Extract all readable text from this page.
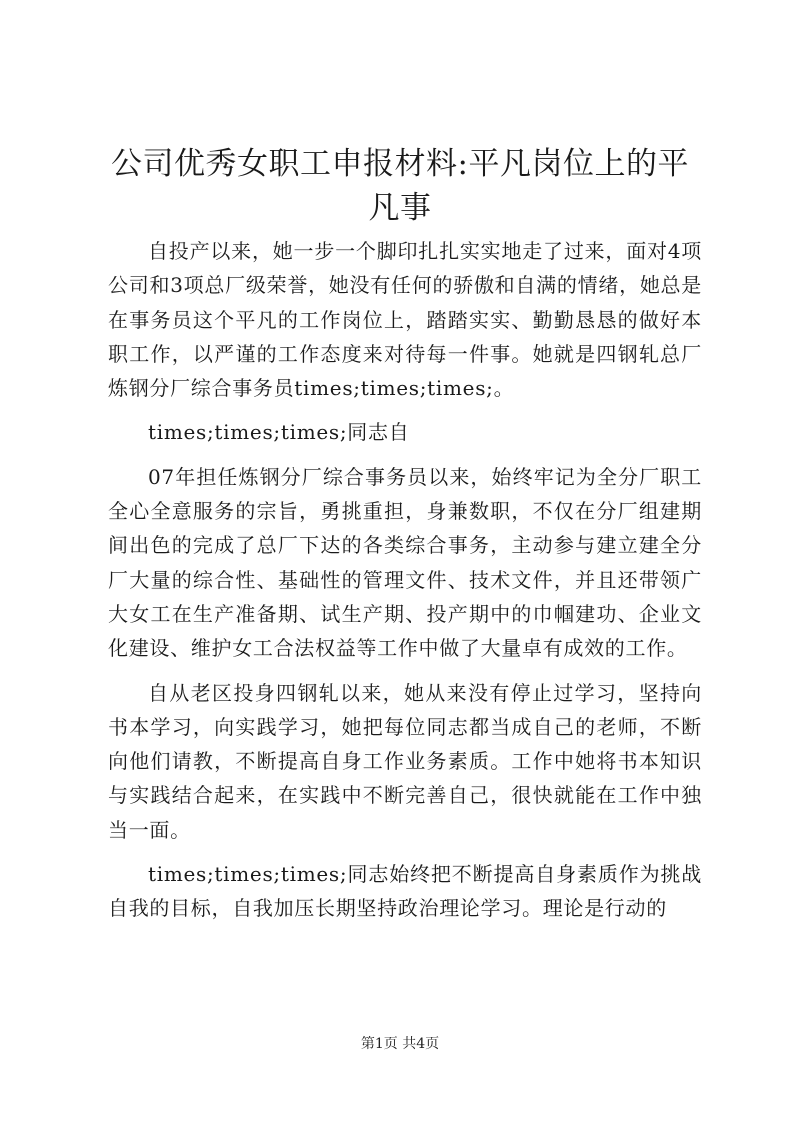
公司优秀女职工申报材料:平凡岗位上的平凡事

自投产以来，她一步一个脚印扎扎实实地走了过来，面对4项公司和3项总厂级荣誉，她没有任何的骄傲和自满的情绪，她总是在事务员这个平凡的工作岗位上，踏踏实实、勤勤恳恳的做好本职工作，以严谨的工作态度来对待每一件事。她就是四钢轧总厂炼钢分厂综合事务员times;times;times;。

times;times;times;同志自

07年担任炼钢分厂综合事务员以来，始终牢记为全分厂职工全心全意服务的宗旨，勇挑重担，身兼数职，不仅在分厂组建期间出色的完成了总厂下达的各类综合事务，主动参与建立建全分厂大量的综合性、基础性的管理文件、技术文件，并且还带领广大女工在生产准备期、试生产期、投产期中的巾帼建功、企业文化建设、维护女工合法权益等工作中做了大量卓有成效的工作。

自从老区投身四钢轧以来，她从来没有停止过学习，坚持向书本学习，向实践学习，她把每位同志都当成自己的老师，不断向他们请教，不断提高自身工作业务素质。工作中她将书本知识与实践结合起来，在实践中不断完善自己，很快就能在工作中独当一面。

times;times;times;同志始终把不断提高自身素质作为挑战自我的目标，自我加压长期坚持政治理论学习。理论是行动的

第1页 共4页
